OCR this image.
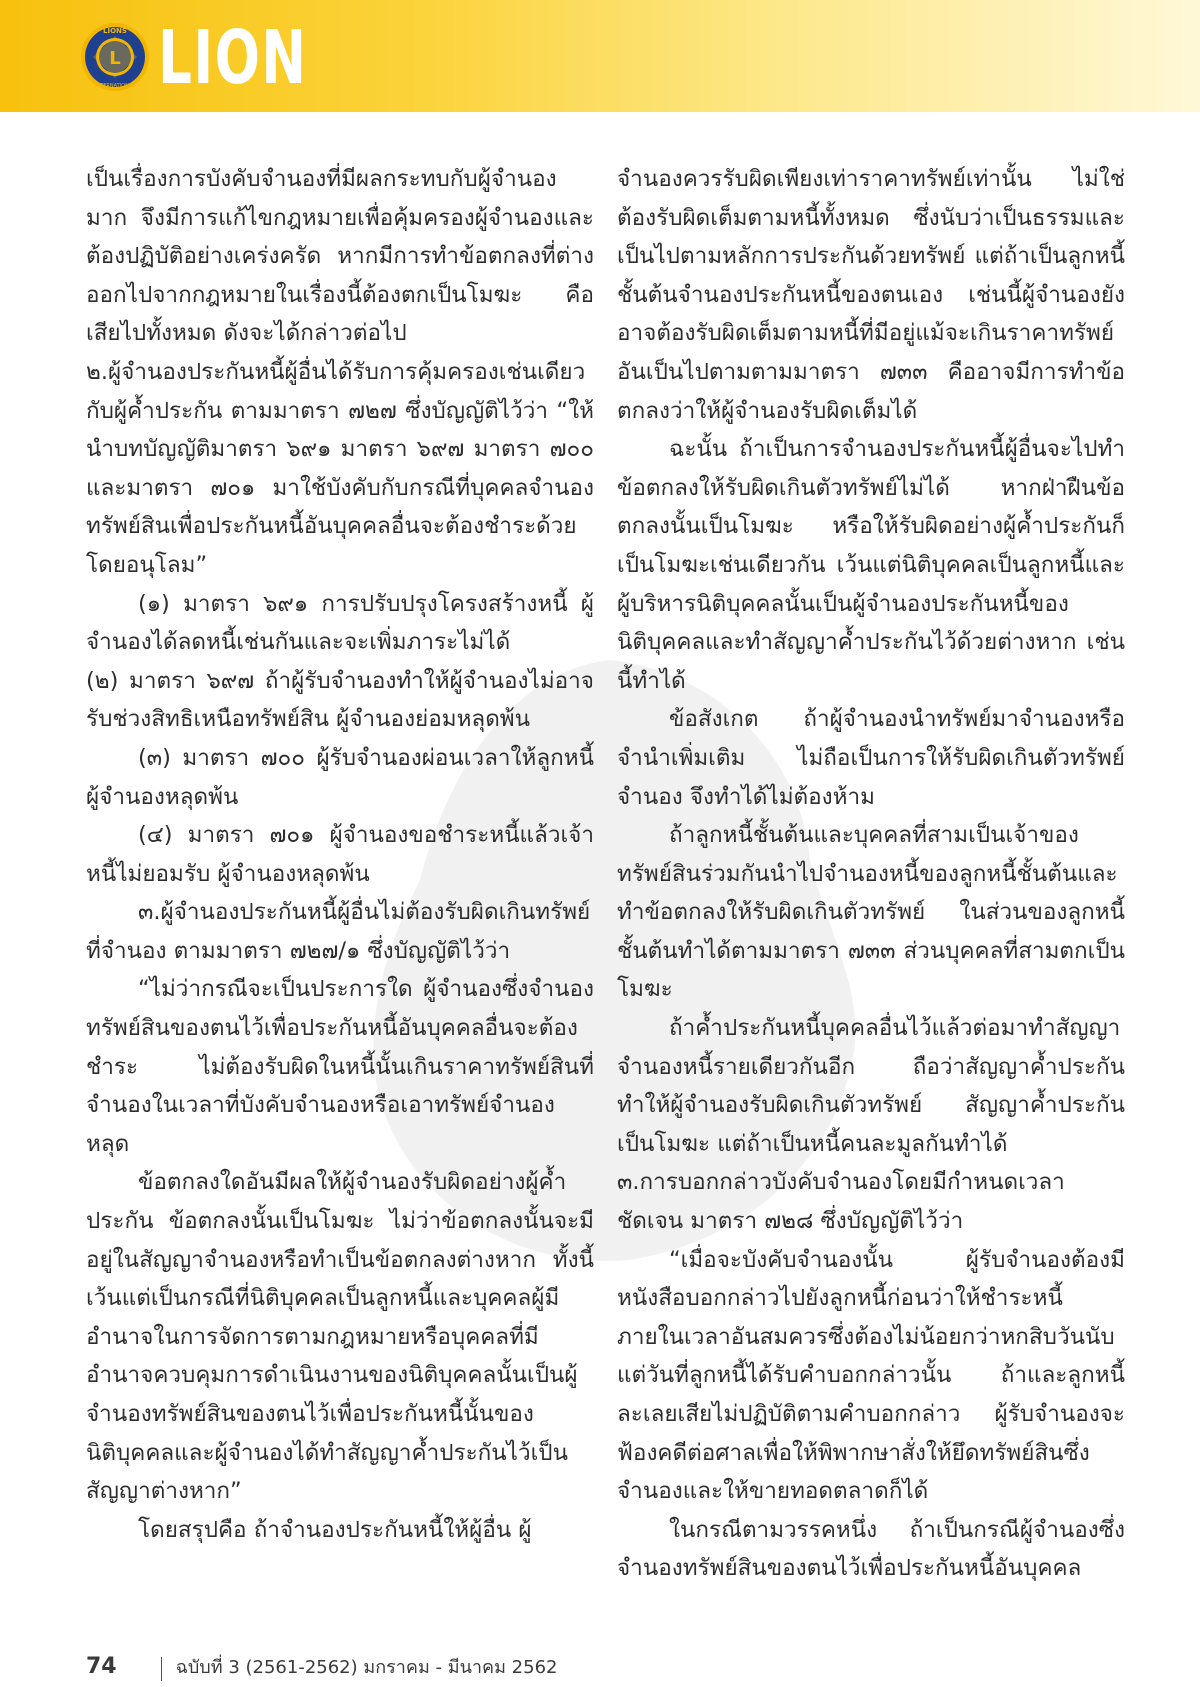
L
LIONS
INTERNATIONAL LION

เป็นเรื่องการบังคับจำนองที่มีผลกระทบกับผู้จำนองมาก จึงมีการแก้ไขกฎหมายเพื่อคุ้มครองผู้จำนองและต้องปฏิบัติอย่างเคร่งครัด หากมีการทำข้อตกลงที่ต่างออกไปจากกฎหมายในเรื่องนี้ต้องตกเป็นโมฆะ คือ เสียไปทั้งหมด ดังจะได้กล่าวต่อไป

๒.ผู้จำนองประกันหนี้ผู้อื่นได้รับการคุ้มครองเช่นเดียวกับผู้ค้ำประกัน ตามมาตรา ๗๒๗ ซึ่งบัญญัติไว้ว่า “ให้นำบทบัญญัติมาตรา ๖๙๑ มาตรา ๖๙๗ มาตรา ๗๐๐ และมาตรา ๗๐๑ มาใช้บังคับกับกรณีที่บุคคลจำนองทรัพย์สินเพื่อประกันหนี้อันบุคคลอื่นจะต้องชำระด้วยโดยอนุโลม”

(๑) มาตรา ๖๙๑ การปรับปรุงโครงสร้างหนี้ ผู้จำนองได้ลดหนี้เช่นกันและจะเพิ่มภาระไม่ได้

(๒) มาตรา ๖๙๗ ถ้าผู้รับจำนองทำให้ผู้จำนองไม่อาจรับช่วงสิทธิเหนือทรัพย์สิน ผู้จำนองย่อมหลุดพ้น

(๓) มาตรา ๗๐๐ ผู้รับจำนองผ่อนเวลาให้ลูกหนี้ ผู้จำนองหลุดพ้น

(๔) มาตรา ๗๐๑ ผู้จำนองขอชำระหนี้แล้วเจ้าหนี้ไม่ยอมรับ ผู้จำนองหลุดพ้น

๓.ผู้จำนองประกันหนี้ผู้อื่นไม่ต้องรับผิดเกินทรัพย์ที่จำนอง ตามมาตรา ๗๒๗/๑ ซึ่งบัญญัติไว้ว่า

“ไม่ว่ากรณีจะเป็นประการใด ผู้จำนองซึ่งจำนองทรัพย์สินของตนไว้เพื่อประกันหนี้อันบุคคลอื่นจะต้องชำระ ไม่ต้องรับผิดในหนี้นั้นเกินราคาทรัพย์สินที่จำนองในเวลาที่บังคับจำนองหรือเอาทรัพย์จำนองหลุด

ข้อตกลงใดอันมีผลให้ผู้จำนองรับผิดอย่างผู้ค้ำประกัน ข้อตกลงนั้นเป็นโมฆะ ไม่ว่าข้อตกลงนั้นจะมีอยู่ในสัญญาจำนองหรือทำเป็นข้อตกลงต่างหาก ทั้งนี้ เว้นแต่เป็นกรณีที่นิติบุคคลเป็นลูกหนี้และบุคคลผู้มีอำนาจในการจัดการตามกฎหมายหรือบุคคลที่มีอำนาจควบคุมการดำเนินงานของนิติบุคคลนั้นเป็นผู้จำนองทรัพย์สินของตนไว้เพื่อประกันหนี้นั้นของนิติบุคคลและผู้จำนองได้ทำสัญญาค้ำประกันไว้เป็นสัญญาต่างหาก”

โดยสรุปคือ ถ้าจำนองประกันหนี้ให้ผู้อื่น ผู้

จำนองควรรับผิดเพียงเท่าราคาทรัพย์เท่านั้น ไม่ใช่ต้องรับผิดเต็มตามหนี้ทั้งหมด ซึ่งนับว่าเป็นธรรมและเป็นไปตามหลักการประกันด้วยทรัพย์ แต่ถ้าเป็นลูกหนี้ชั้นต้นจำนองประกันหนี้ของตนเอง เช่นนี้ผู้จำนองยังอาจต้องรับผิดเต็มตามหนี้ที่มีอยู่แม้จะเกินราคาทรัพย์อันเป็นไปตามตามมาตรา ๗๓๓ คืออาจมีการทำข้อตกลงว่าให้ผู้จำนองรับผิดเต็มได้

ฉะนั้น ถ้าเป็นการจำนองประกันหนี้ผู้อื่นจะไปทำข้อตกลงให้รับผิดเกินตัวทรัพย์ไม่ได้ หากฝ่าฝืนข้อตกลงนั้นเป็นโมฆะ หรือให้รับผิดอย่างผู้ค้ำประกันก็เป็นโมฆะเช่นเดียวกัน เว้นแต่นิติบุคคลเป็นลูกหนี้และผู้บริหารนิติบุคคลนั้นเป็นผู้จำนองประกันหนี้ของนิติบุคคลและทำสัญญาค้ำประกันไว้ด้วยต่างหาก เช่นนี้ทำได้

ข้อสังเกต ถ้าผู้จำนองนำทรัพย์มาจำนองหรือจำนำเพิ่มเติม ไม่ถือเป็นการให้รับผิดเกินตัวทรัพย์จำนอง จึงทำได้ไม่ต้องห้าม

ถ้าลูกหนี้ชั้นต้นและบุคคลที่สามเป็นเจ้าของทรัพย์สินร่วมกันนำไปจำนองหนี้ของลูกหนี้ชั้นต้นและทำข้อตกลงให้รับผิดเกินตัวทรัพย์ ในส่วนของลูกหนี้ชั้นต้นทำได้ตามมาตรา ๗๓๓ ส่วนบุคคลที่สามตกเป็นโมฆะ

ถ้าค้ำประกันหนี้บุคคลอื่นไว้แล้วต่อมาทำสัญญาจำนองหนี้รายเดียวกันอีก ถือว่าสัญญาค้ำประกันทำให้ผู้จำนองรับผิดเกินตัวทรัพย์ สัญญาค้ำประกันเป็นโมฆะ แต่ถ้าเป็นหนี้คนละมูลกันทำได้

๓.การบอกกล่าวบังคับจำนองโดยมีกำหนดเวลาชัดเจน มาตรา ๗๒๘ ซึ่งบัญญัติไว้ว่า

“เมื่อจะบังคับจำนองนั้น ผู้รับจำนองต้องมีหนังสือบอกกล่าวไปยังลูกหนี้ก่อนว่าให้ชำระหนี้ภายในเวลาอันสมควรซึ่งต้องไม่น้อยกว่าหกสิบวันนับแต่วันที่ลูกหนี้ได้รับคำบอกกล่าวนั้น ถ้าและลูกหนี้ละเลยเสียไม่ปฏิบัติตามคำบอกกล่าว ผู้รับจำนองจะฟ้องคดีต่อศาลเพื่อให้พิพากษาสั่งให้ยึดทรัพย์สินซึ่งจำนองและให้ขายทอดตลาดก็ได้

ในกรณีตามวรรคหนึ่ง ถ้าเป็นกรณีผู้จำนองซึ่งจำนองทรัพย์สินของตนไว้เพื่อประกันหนี้อันบุคคล

74	ฉบับที่ 3 (2561-2562) มกราคม - มีนาคม 2562
